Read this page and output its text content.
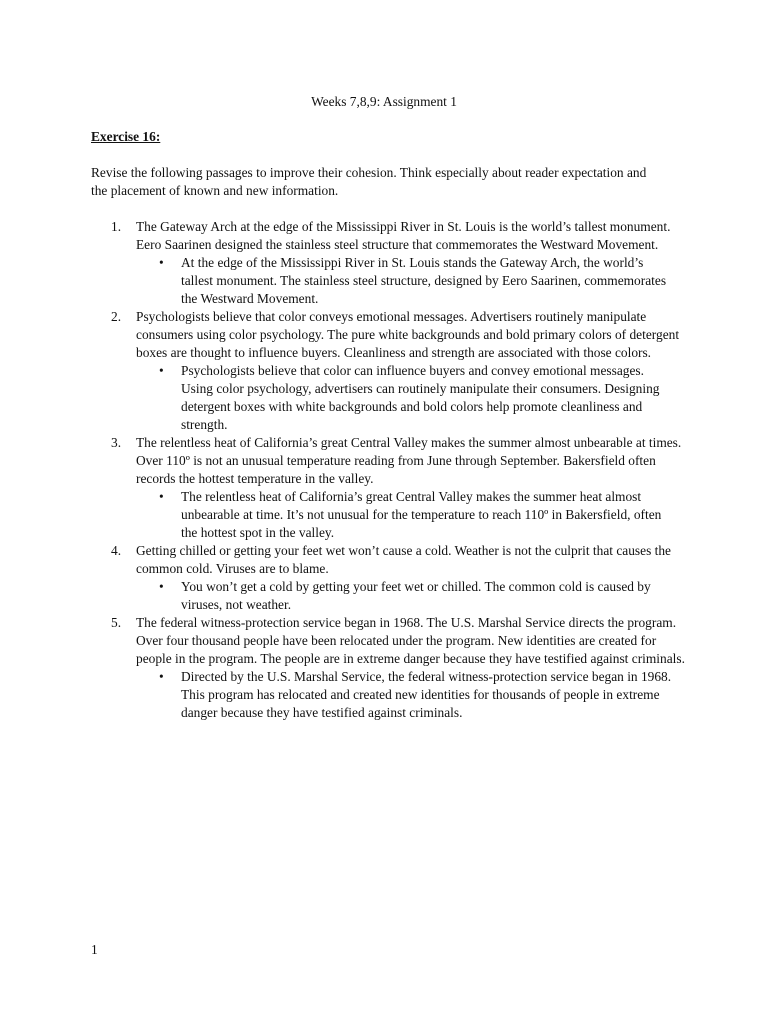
Weeks 7,8,9: Assignment 1
Exercise 16:
Revise the following passages to improve their cohesion. Think especially about reader expectation and the placement of known and new information.
1.	The Gateway Arch at the edge of the Mississippi River in St. Louis is the world’s tallest monument. Eero Saarinen designed the stainless steel structure that commemorates the Westward Movement.
• At the edge of the Mississippi River in St. Louis stands the Gateway Arch, the world’s tallest monument. The stainless steel structure, designed by Eero Saarinen, commemorates the Westward Movement.
2.	Psychologists believe that color conveys emotional messages. Advertisers routinely manipulate consumers using color psychology. The pure white backgrounds and bold primary colors of detergent boxes are thought to influence buyers. Cleanliness and strength are associated with those colors.
• Psychologists believe that color can influence buyers and convey emotional messages. Using color psychology, advertisers can routinely manipulate their consumers. Designing detergent boxes with white backgrounds and bold colors help promote cleanliness and strength.
3.	The relentless heat of California’s great Central Valley makes the summer almost unbearable at times. Over 110º is not an unusual temperature reading from June through September. Bakersfield often records the hottest temperature in the valley.
• The relentless heat of California’s great Central Valley makes the summer heat almost unbearable at time. It’s not unusual for the temperature to reach 110º in Bakersfield, often the hottest spot in the valley.
4.	Getting chilled or getting your feet wet won’t cause a cold. Weather is not the culprit that causes the common cold. Viruses are to blame.
• You won’t get a cold by getting your feet wet or chilled. The common cold is caused by viruses, not weather.
5.	The federal witness-protection service began in 1968. The U.S. Marshal Service directs the program. Over four thousand people have been relocated under the program. New identities are created for people in the program. The people are in extreme danger because they have testified against criminals.
• Directed by the U.S. Marshal Service, the federal witness-protection service began in 1968. This program has relocated and created new identities for thousands of people in extreme danger because they have testified against criminals.
1
